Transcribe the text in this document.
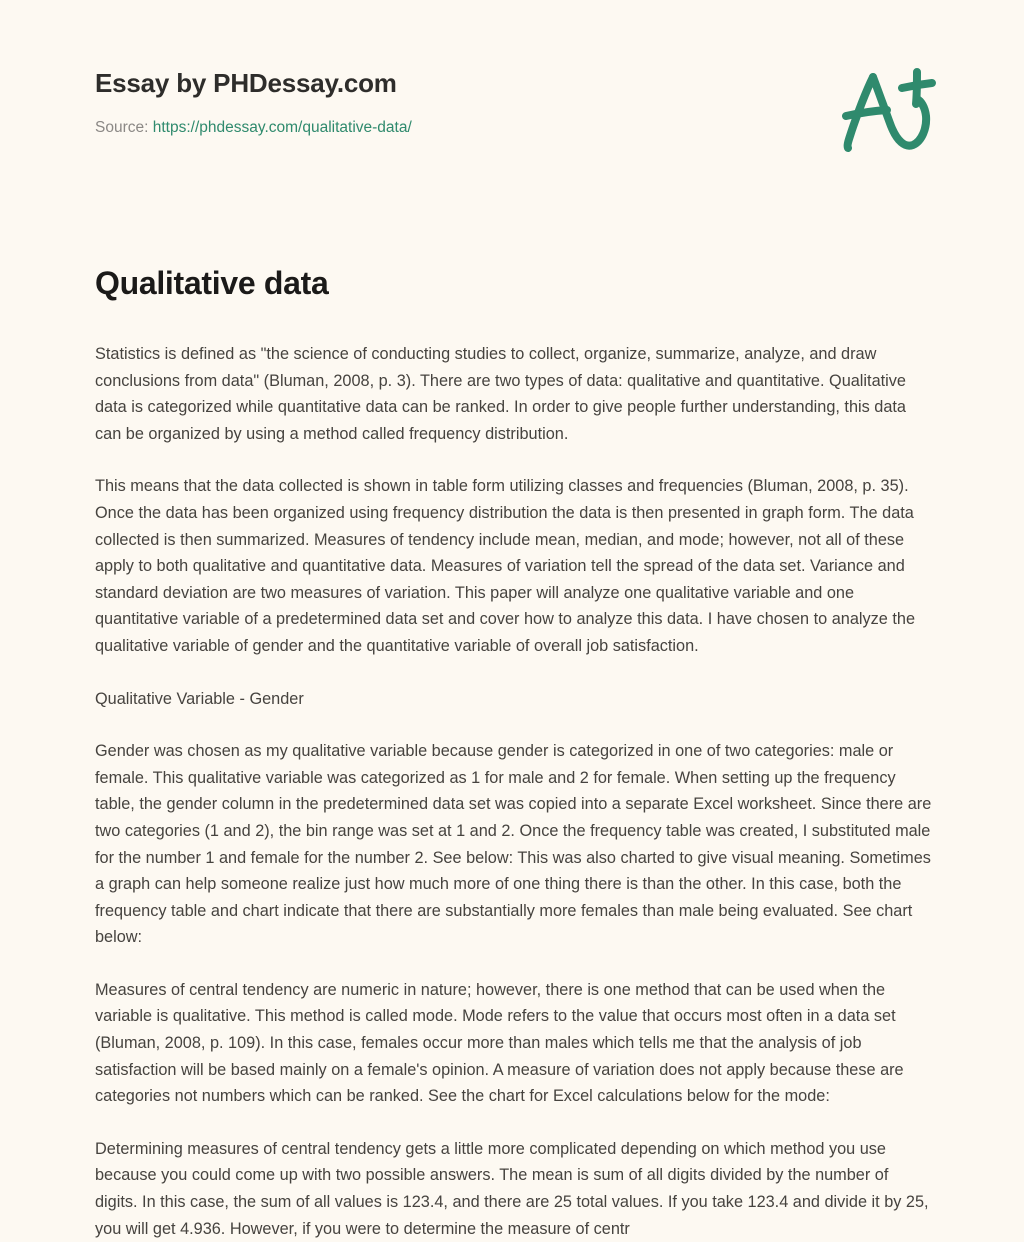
Essay by PHDessay.com
Source: https://phdessay.com/qualitative-data/
Qualitative data

Statistics is defined as "the science of conducting studies to collect, organize, summarize, analyze, and draw conclusions from data" (Bluman, 2008, p. 3). There are two types of data: qualitative and quantitative. Qualitative data is categorized while quantitative data can be ranked. In order to give people further understanding, this data can be organized by using a method called frequency distribution.

This means that the data collected is shown in table form utilizing classes and frequencies (Bluman, 2008, p. 35). Once the data has been organized using frequency distribution the data is then presented in graph form. The data collected is then summarized. Measures of tendency include mean, median, and mode; however, not all of these apply to both qualitative and quantitative data. Measures of variation tell the spread of the data set. Variance and standard deviation are two measures of variation. This paper will analyze one qualitative variable and one quantitative variable of a predetermined data set and cover how to analyze this data. I have chosen to analyze the qualitative variable of gender and the quantitative variable of overall job satisfaction.

Qualitative Variable - Gender

Gender was chosen as my qualitative variable because gender is categorized in one of two categories: male or female. This qualitative variable was categorized as 1 for male and 2 for female. When setting up the frequency table, the gender column in the predetermined data set was copied into a separate Excel worksheet. Since there are two categories (1 and 2), the bin range was set at 1 and 2. Once the frequency table was created, I substituted male for the number 1 and female for the number 2. See below: This was also charted to give visual meaning. Sometimes a graph can help someone realize just how much more of one thing there is than the other. In this case, both the frequency table and chart indicate that there are substantially more females than male being evaluated. See chart below:

Measures of central tendency are numeric in nature; however, there is one method that can be used when the variable is qualitative. This method is called mode. Mode refers to the value that occurs most often in a data set (Bluman, 2008, p. 109). In this case, females occur more than males which tells me that the analysis of job satisfaction will be based mainly on a female's opinion. A measure of variation does not apply because these are categories not numbers which can be ranked. See the chart for Excel calculations below for the mode:

Determining measures of central tendency gets a little more complicated depending on which method you use because you could come up with two possible answers. The mean is sum of all digits divided by the number of digits. In this case, the sum of all values is 123.4, and there are 25 total values. If you take 123.4 and divide it by 25, you will get 4.936. However, if you were to determine the measure of centr
